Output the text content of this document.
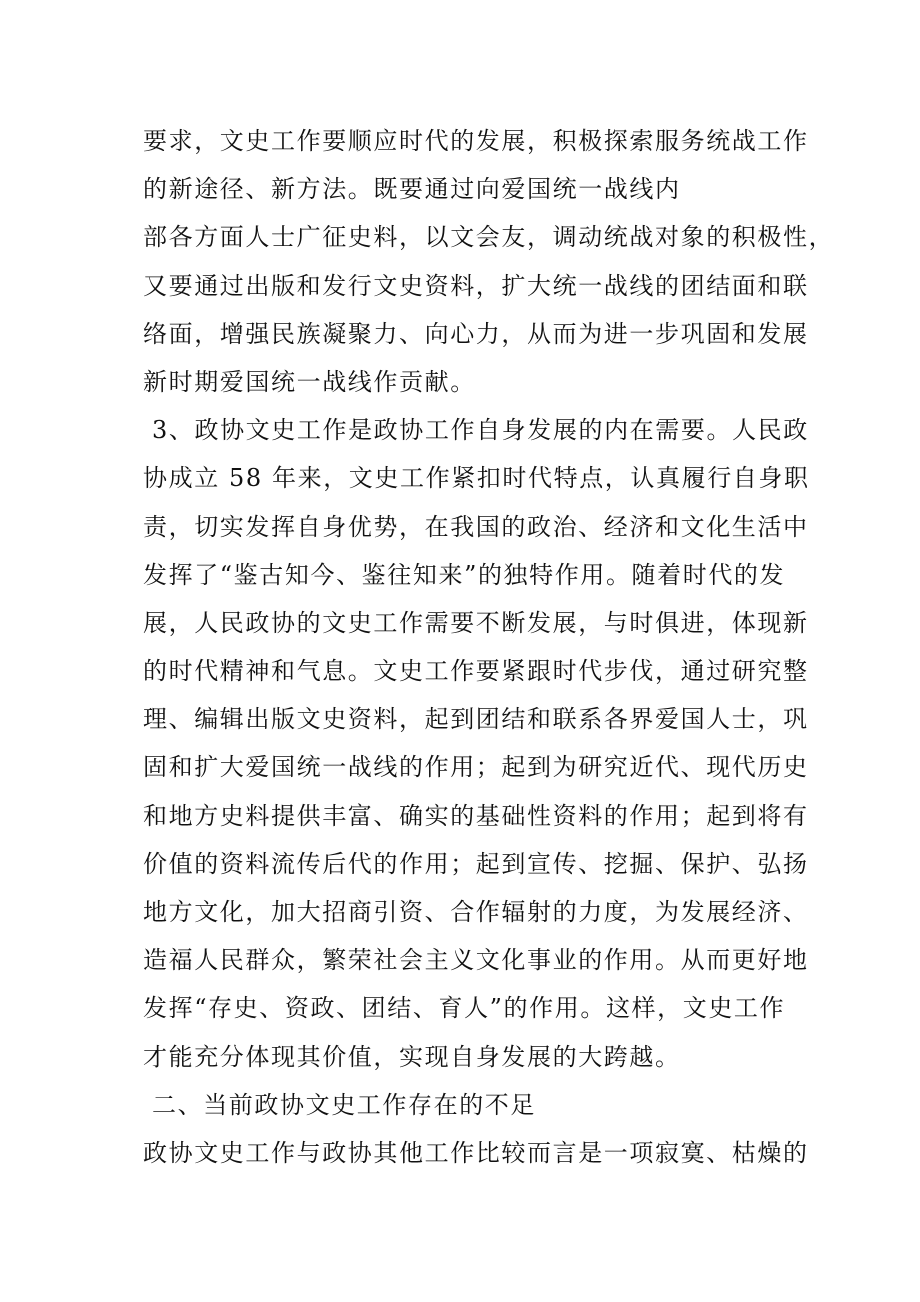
要求，文史工作要顺应时代的发展，积极探索服务统战工作
的新途径、新方法。既要通过向爱国统一战线内
部各方面人士广征史料，以文会友，调动统战对象的积极性，
又要通过出版和发行文史资料，扩大统一战线的团结面和联
络面，增强民族凝聚力、向心力，从而为进一步巩固和发展
新时期爱国统一战线作贡献。
3、政协文史工作是政协工作自身发展的内在需要。人民政
协成立 58 年来，文史工作紧扣时代特点，认真履行自身职
责，切实发挥自身优势，在我国的政治、经济和文化生活中
发挥了“鉴古知今、鉴往知来”的独特作用。随着时代的发
展，人民政协的文史工作需要不断发展，与时俱进，体现新
的时代精神和气息。文史工作要紧跟时代步伐，通过研究整
理、编辑出版文史资料，起到团结和联系各界爱国人士，巩
固和扩大爱国统一战线的作用；起到为研究近代、现代历史
和地方史料提供丰富、确实的基础性资料的作用；起到将有
价值的资料流传后代的作用；起到宣传、挖掘、保护、弘扬
地方文化，加大招商引资、合作辐射的力度，为发展经济、
造福人民群众，繁荣社会主义文化事业的作用。从而更好地
发挥“存史、资政、团结、育人”的作用。这样，文史工作
才能充分体现其价值，实现自身发展的大跨越。
二、当前政协文史工作存在的不足
政协文史工作与政协其他工作比较而言是一项寂寞、枯燥的
